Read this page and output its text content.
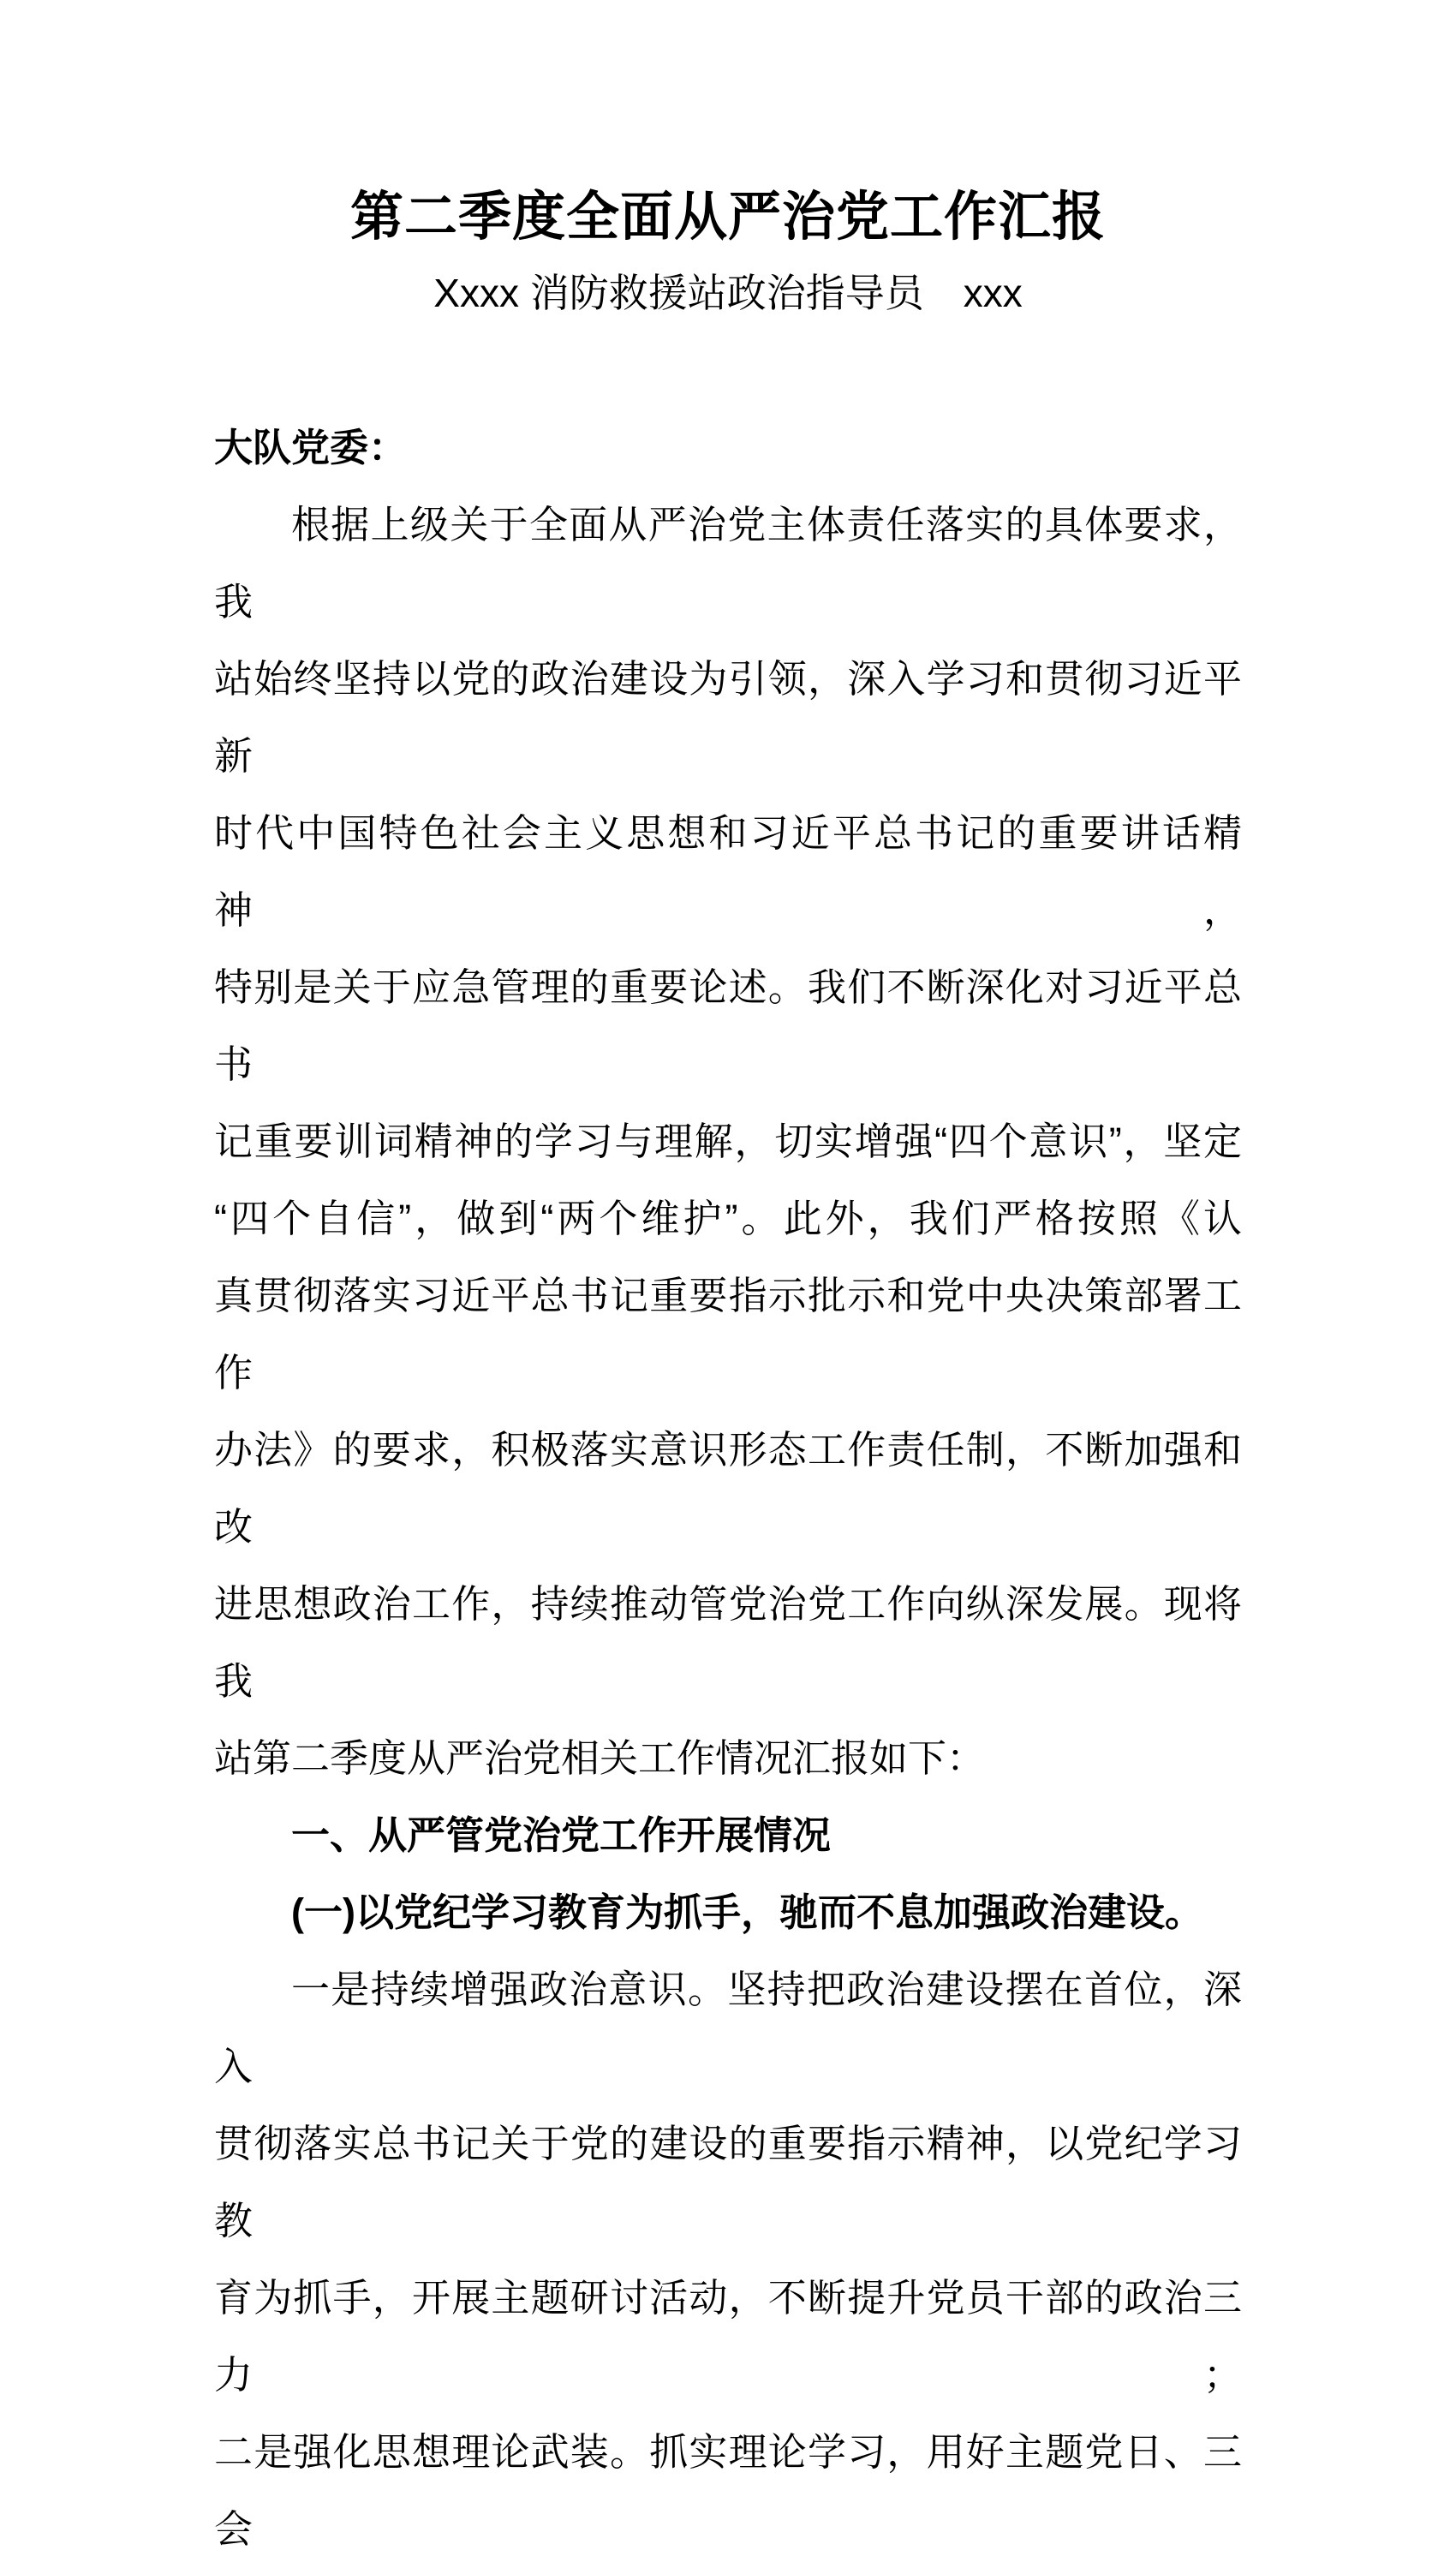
第二季度全面从严治党工作汇报
Xxxx 消防救援站政治指导员　xxx
大队党委：
根据上级关于全面从严治党主体责任落实的具体要求，我
站始终坚持以党的政治建设为引领，深入学习和贯彻习近平新
时代中国特色社会主义思想和习近平总书记的重要讲话精神，
特别是关于应急管理的重要论述。我们不断深化对习近平总书
记重要训词精神的学习与理解，切实增强“四个意识”，坚定
“四个自信”，做到“两个维护”。此外，我们严格按照《认
真贯彻落实习近平总书记重要指示批示和党中央决策部署工作
办法》的要求，积极落实意识形态工作责任制，不断加强和改
进思想政治工作，持续推动管党治党工作向纵深发展。现将我
站第二季度从严治党相关工作情况汇报如下：
一、从严管党治党工作开展情况
(一)以党纪学习教育为抓手，驰而不息加强政治建设。
一是持续增强政治意识。坚持把政治建设摆在首位，深入
贯彻落实总书记关于党的建设的重要指示精神，以党纪学习教
育为抓手，开展主题研讨活动，不断提升党员干部的政治三力；
二是强化思想理论武装。抓实理论学习，用好主题党日、三会
